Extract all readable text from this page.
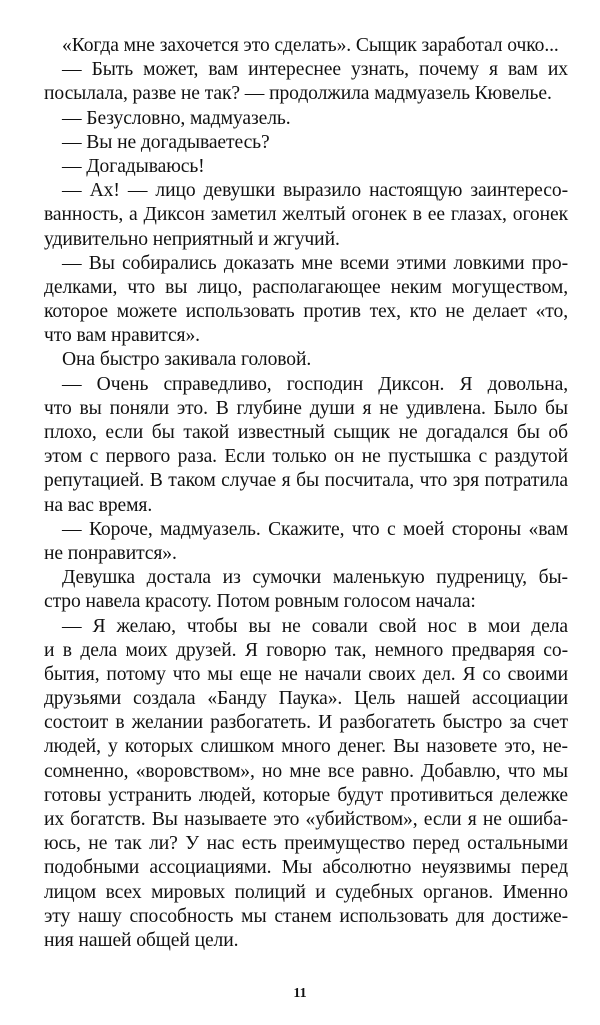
«Когда мне захочется это сделать». Сыщик заработал очко...
— Быть может, вам интереснее узнать, почему я вам их
посылала, разве не так? — продолжила мадмуазель Кювелье.
— Безусловно, мадмуазель.
— Вы не догадываетесь?
— Догадываюсь!
— Ах! — лицо девушки выразило настоящую заинтересо-
ванность, а Диксон заметил желтый огонек в ее глазах, огонек
удивительно неприятный и жгучий.
— Вы собирались доказать мне всеми этими ловкими про-
делками, что вы лицо, располагающее неким могуществом,
которое можете использовать против тех, кто не делает «то,
что вам нравится».
Она быстро закивала головой.
— Очень справедливо, господин Диксон. Я довольна,
что вы поняли это. В глубине души я не удивлена. Было бы
плохо, если бы такой известный сыщик не догадался бы об
этом с первого раза. Если только он не пустышка с раздутой
репутацией. В таком случае я бы посчитала, что зря потратила
на вас время.
— Короче, мадмуазель. Скажите, что с моей стороны «вам
не понравится».
Девушка достала из сумочки маленькую пудреницу, бы-
стро навела красоту. Потом ровным голосом начала:
— Я желаю, чтобы вы не совали свой нос в мои дела
и в дела моих друзей. Я говорю так, немного предваряя со-
бытия, потому что мы еще не начали своих дел. Я со своими
друзьями создала «Банду Паука». Цель нашей ассоциации
состоит в желании разбогатеть. И разбогатеть быстро за счет
людей, у которых слишком много денег. Вы назовете это, не-
сомненно, «воровством», но мне все равно. Добавлю, что мы
готовы устранить людей, которые будут противиться дележке
их богатств. Вы называете это «убийством», если я не ошиба-
юсь, не так ли? У нас есть преимущество перед остальными
подобными ассоциациями. Мы абсолютно неуязвимы перед
лицом всех мировых полиций и судебных органов. Именно
эту нашу способность мы станем использовать для достиже-
ния нашей общей цели.
11
